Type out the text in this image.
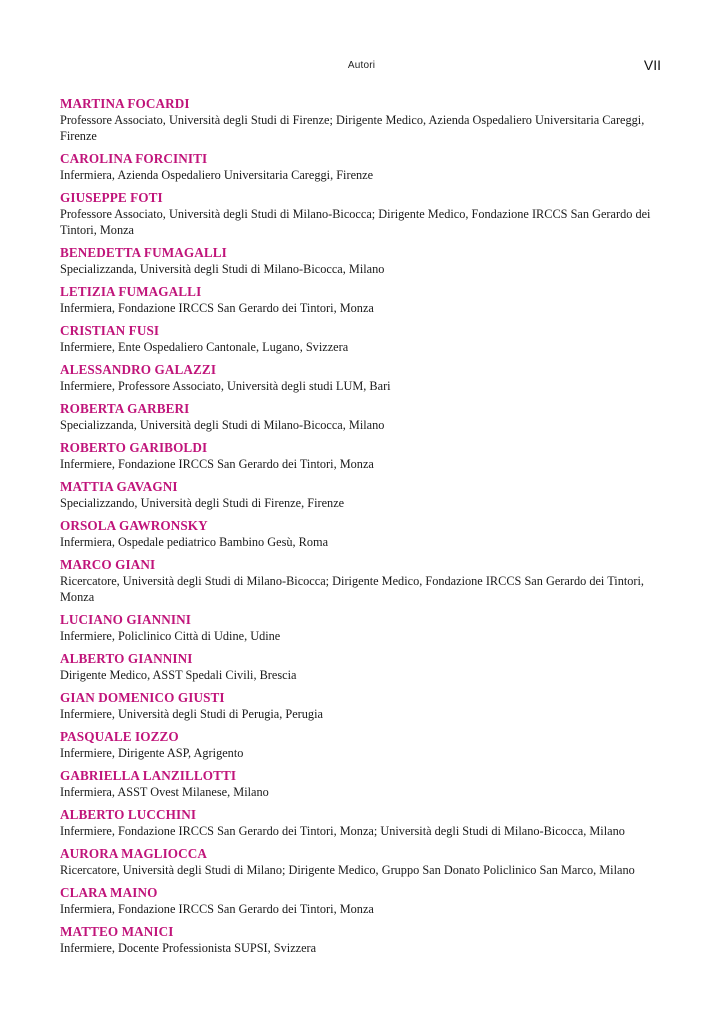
Autori	VII
MARTINA FOCARDI
Professore Associato, Università degli Studi di Firenze; Dirigente Medico, Azienda Ospedaliero Universitaria Careggi, Firenze
CAROLINA FORCINITI
Infermiera, Azienda Ospedaliero Universitaria Careggi, Firenze
GIUSEPPE FOTI
Professore Associato, Università degli Studi di Milano-Bicocca; Dirigente Medico, Fondazione IRCCS San Gerardo dei Tintori, Monza
BENEDETTA FUMAGALLI
Specializzanda, Università degli Studi di Milano-Bicocca, Milano
LETIZIA FUMAGALLI
Infermiera, Fondazione IRCCS San Gerardo dei Tintori, Monza
CRISTIAN FUSI
Infermiere, Ente Ospedaliero Cantonale, Lugano, Svizzera
ALESSANDRO GALAZZI
Infermiere, Professore Associato, Università degli studi LUM, Bari
ROBERTA GARBERI
Specializzanda, Università degli Studi di Milano-Bicocca, Milano
ROBERTO GARIBOLDI
Infermiere, Fondazione IRCCS San Gerardo dei Tintori, Monza
MATTIA GAVAGNI
Specializzando, Università degli Studi di Firenze, Firenze
ORSOLA GAWRONSKY
Infermiera, Ospedale pediatrico Bambino Gesù, Roma
MARCO GIANI
Ricercatore, Università degli Studi di Milano-Bicocca; Dirigente Medico, Fondazione IRCCS San Gerardo dei Tintori, Monza
LUCIANO GIANNINI
Infermiere, Policlinico Città di Udine, Udine
ALBERTO GIANNINI
Dirigente Medico, ASST Spedali Civili, Brescia
GIAN DOMENICO GIUSTI
Infermiere, Università degli Studi di Perugia, Perugia
PASQUALE IOZZO
Infermiere, Dirigente ASP, Agrigento
GABRIELLA LANZILLOTTI
Infermiera, ASST Ovest Milanese, Milano
ALBERTO LUCCHINI
Infermiere, Fondazione IRCCS San Gerardo dei Tintori, Monza; Università degli Studi di Milano-Bicocca, Milano
AURORA MAGLIOCCA
Ricercatore, Università degli Studi di Milano; Dirigente Medico, Gruppo San Donato Policlinico San Marco, Milano
CLARA MAINO
Infermiera, Fondazione IRCCS San Gerardo dei Tintori, Monza
MATTEO MANICI
Infermiere, Docente Professionista SUPSI, Svizzera
